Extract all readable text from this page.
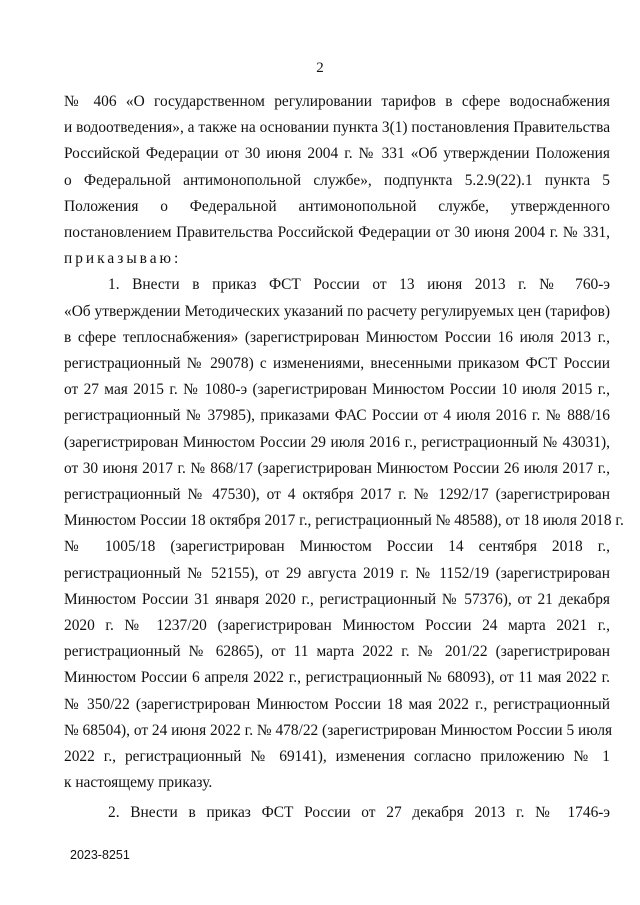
2
№ 406 «О государственном регулировании тарифов в сфере водоснабжения
и водоотведения», а также на основании пункта 3(1) постановления Правительства
Российской Федерации от 30 июня 2004 г. № 331 «Об утверждении Положения
о Федеральной антимонопольной службе», подпункта 5.2.9(22).1 пункта 5
Положения о Федеральной антимонопольной службе, утвержденного
постановлением Правительства Российской Федерации от 30 июня 2004 г. № 331,
приказываю:
1. Внести в приказ ФСТ России от 13 июня 2013 г. № 760-э
«Об утверждении Методических указаний по расчету регулируемых цен (тарифов)
в сфере теплоснабжения» (зарегистрирован Минюстом России 16 июля 2013 г.,
регистрационный № 29078) с изменениями, внесенными приказом ФСТ России
от 27 мая 2015 г. № 1080-э (зарегистрирован Минюстом России 10 июля 2015 г.,
регистрационный № 37985), приказами ФАС России от 4 июля 2016 г. № 888/16
(зарегистрирован Минюстом России 29 июля 2016 г., регистрационный № 43031),
от 30 июня 2017 г. № 868/17 (зарегистрирован Минюстом России 26 июля 2017 г.,
регистрационный № 47530), от 4 октября 2017 г. № 1292/17 (зарегистрирован
Минюстом России 18 октября 2017 г., регистрационный № 48588), от 18 июля 2018 г.
№ 1005/18 (зарегистрирован Минюстом России 14 сентября 2018 г.,
регистрационный № 52155), от 29 августа 2019 г. № 1152/19 (зарегистрирован
Минюстом России 31 января 2020 г., регистрационный № 57376), от 21 декабря
2020 г. № 1237/20 (зарегистрирован Минюстом России 24 марта 2021 г.,
регистрационный № 62865), от 11 марта 2022 г. № 201/22 (зарегистрирован
Минюстом России 6 апреля 2022 г., регистрационный № 68093), от 11 мая 2022 г.
№ 350/22 (зарегистрирован Минюстом России 18 мая 2022 г., регистрационный
№ 68504), от 24 июня 2022 г. № 478/22 (зарегистрирован Минюстом России 5 июля
2022 г., регистрационный № 69141), изменения согласно приложению № 1
к настоящему приказу.
2. Внести в приказ ФСТ России от 27 декабря 2013 г. № 1746-э
2023-8251
